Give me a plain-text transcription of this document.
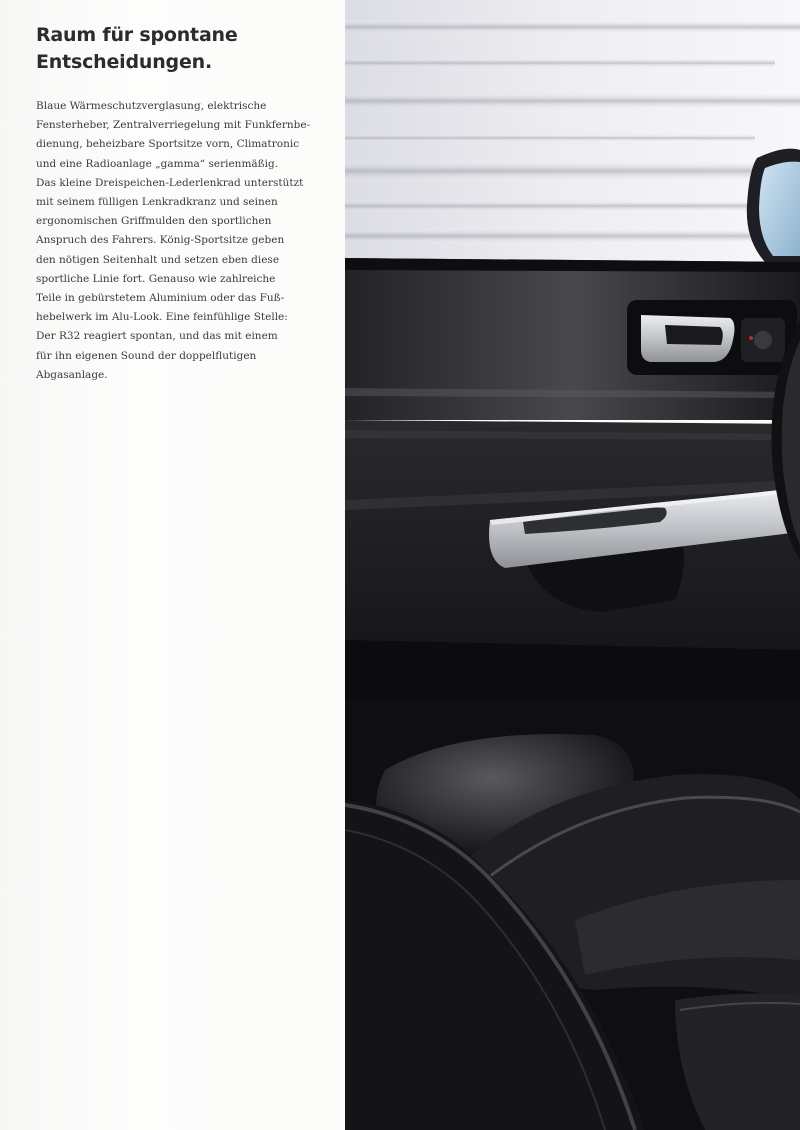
Raum für spontane
Entscheidungen.

Blaue Wärmeschutzverglasung, elektrische
Fensterheber, Zentralverriegelung mit Funkfernbe-
dienung, beheizbare Sportsitze vorn, Climatronic
und eine Radioanlage „gamma“ serienmäßig.
Das kleine Dreispeichen-Lederlenkrad unterstützt
mit seinem fülligen Lenkradkranz und seinen
ergonomischen Griffmulden den sportlichen
Anspruch des Fahrers. König-Sportsitze geben
den nötigen Seitenhalt und setzen eben diese
sportliche Linie fort. Genauso wie zahlreiche
Teile in gebürstetem Aluminium oder das Fuß-
hebelwerk im Alu-Look. Eine feinfühlige Stelle:
Der R32 reagiert spontan, und das mit einem
für ihn eigenen Sound der doppelflutigen
Abgasanlage.
